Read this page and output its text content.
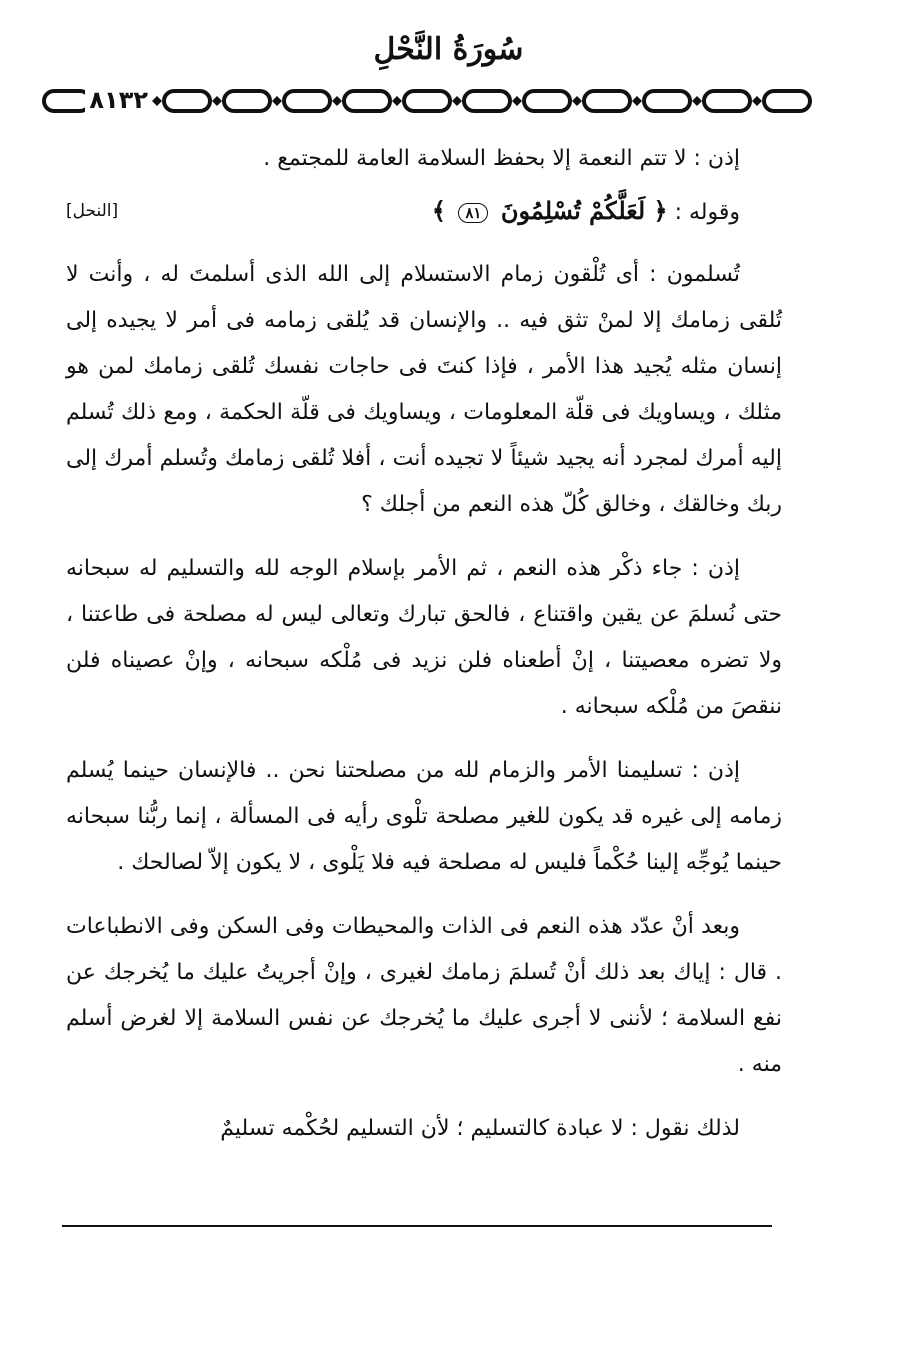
سُورَةُ النَّحْلِ
٨١٣٢

إذن : لا تتم النعمة إلا بحفظ السلامة العامة للمجتمع .

وقوله : ﴿ لَعَلَّكُمْ تُسْلِمُونَ ٨١ ﴾
[النحل]

تُسلمون : أى تُلْقون زمام الاستسلام إلى الله الذى أسلمتَ له ، وأنت لا تُلقى زمامك إلا لمنْ تثق فيه .. والإنسان قد يُلقى زمامه فى أمر لا يجيده إلى إنسان مثله يُجيد هذا الأمر ، فإذا كنتَ فى حاجات نفسك تُلقى زمامك لمن هو مثلك ، ويساويك فى قلّة المعلومات ، ويساويك فى قلّة الحكمة ، ومع ذلك تُسلم إليه أمرك لمجرد أنه يجيد شيئاً لا تجيده أنت ، أفلا تُلقى زمامك وتُسلم أمرك إلى ربك وخالقك ، وخالق كُلّ هذه النعم من أجلك ؟

إذن : جاء ذكْر هذه النعم ، ثم الأمر بإسلام الوجه لله والتسليم له سبحانه حتى نُسلمَ عن يقين واقتناع ، فالحق تبارك وتعالى ليس له مصلحة فى طاعتنا ، ولا تضره معصيتنا ، إنْ أطعناه فلن نزيد فى مُلْكه سبحانه ، وإنْ عصيناه فلن ننقصَ من مُلْكه سبحانه .

إذن : تسليمنا الأمر والزمام لله من مصلحتنا نحن .. فالإنسان حينما يُسلم زمامه إلى غيره قد يكون للغير مصلحة تلْوى رأيه فى المسألة ، إنما ربُّنا سبحانه حينما يُوجِّه إلينا حُكْماً فليس له مصلحة فيه فلا يَلْوى ، لا يكون إلاّ لصالحك .

وبعد أنْ عدّد هذه النعم فى الذات والمحيطات وفى السكن وفى الانطباعات . قال : إياك بعد ذلك أنْ تُسلمَ زمامك لغيرى ، وإنْ أجريتُ عليك ما يُخرجك عن نفع السلامة ؛ لأننى لا أجرى عليك ما يُخرجك عن نفس السلامة إلا لغرض أسلم منه .

لذلك نقول : لا عبادة كالتسليم ؛ لأن التسليم لحُكْمه تسليمٌ
